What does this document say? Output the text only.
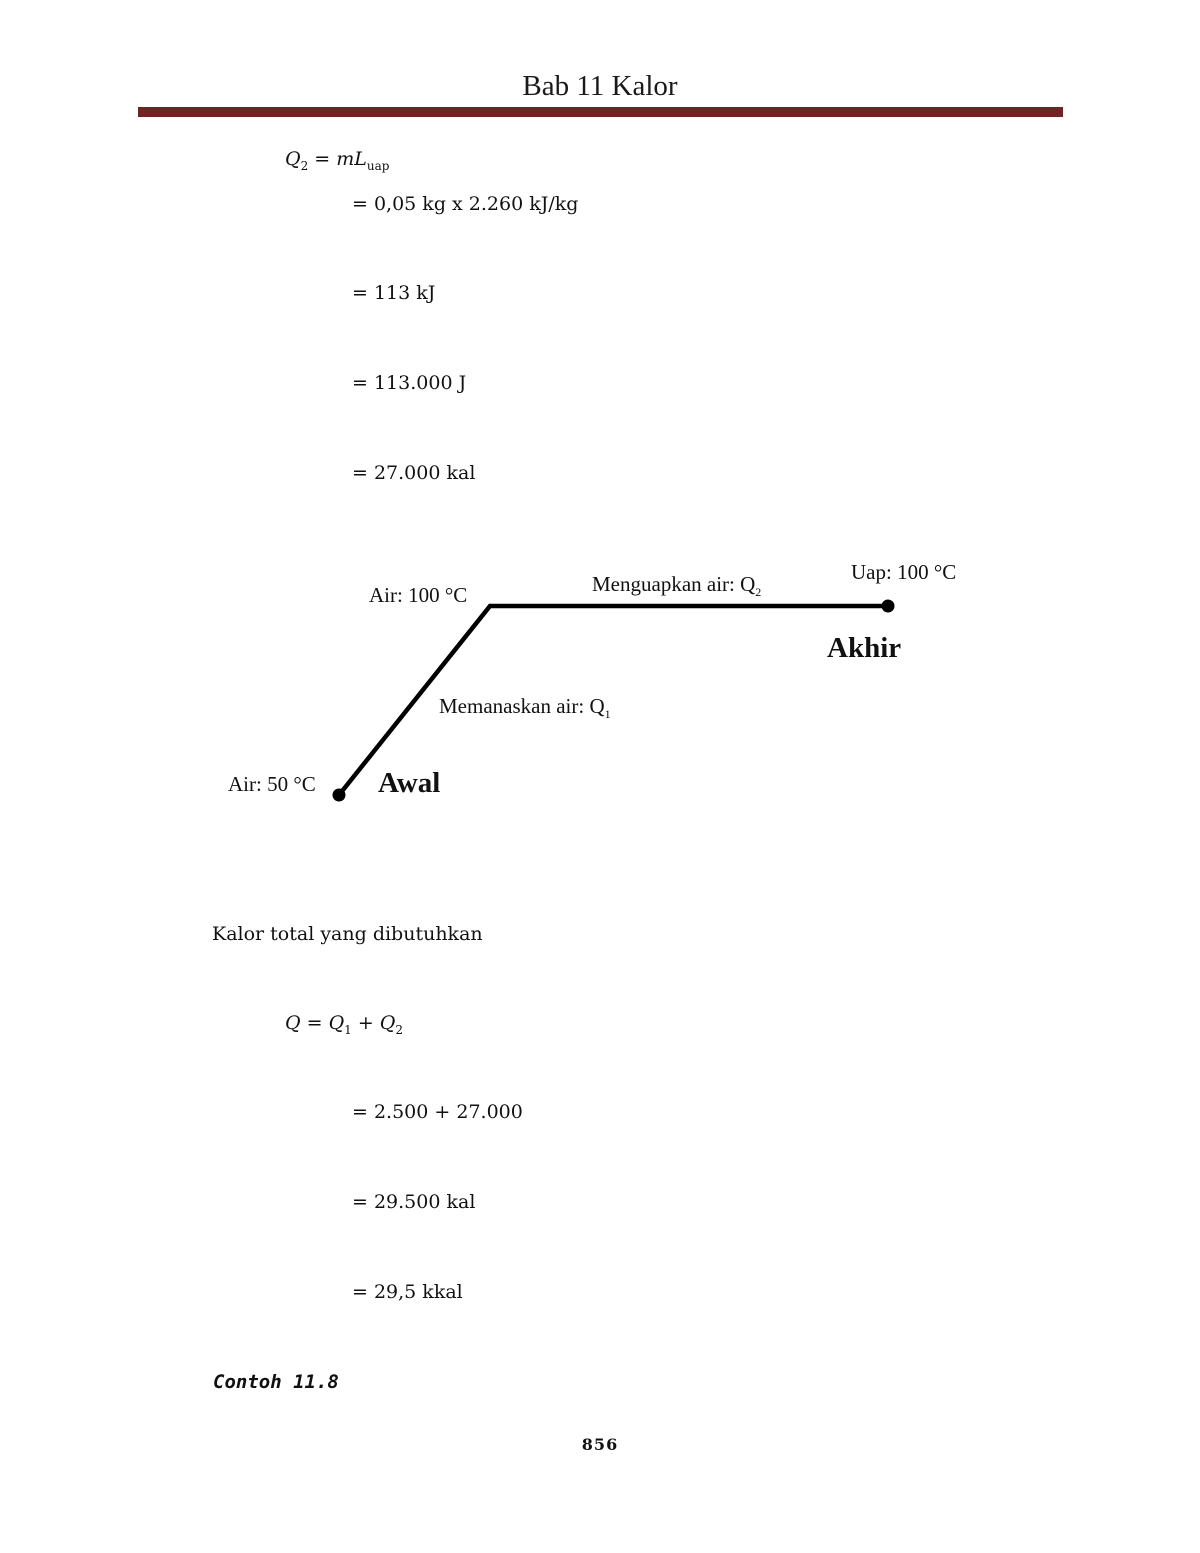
Bab 11 Kalor
$Q_2 = mL_{uap}$
= 0,05 kg x 2.260 kJ/kg
= 113 kJ
= 113.000 J
= 27.000 kal
Air: 50 °C Awal
Air: 100 °C
Memanaskan air: $Q_1$
Menguapkan air: $Q_2$
Uap: 100 °C
Akhir
Kalor total yang dibutuhkan
$Q = Q_1 + Q_2$
= 2.500 + 27.000
= 29.500 kal
= 29,5 kkal
Contoh 11.8
856
